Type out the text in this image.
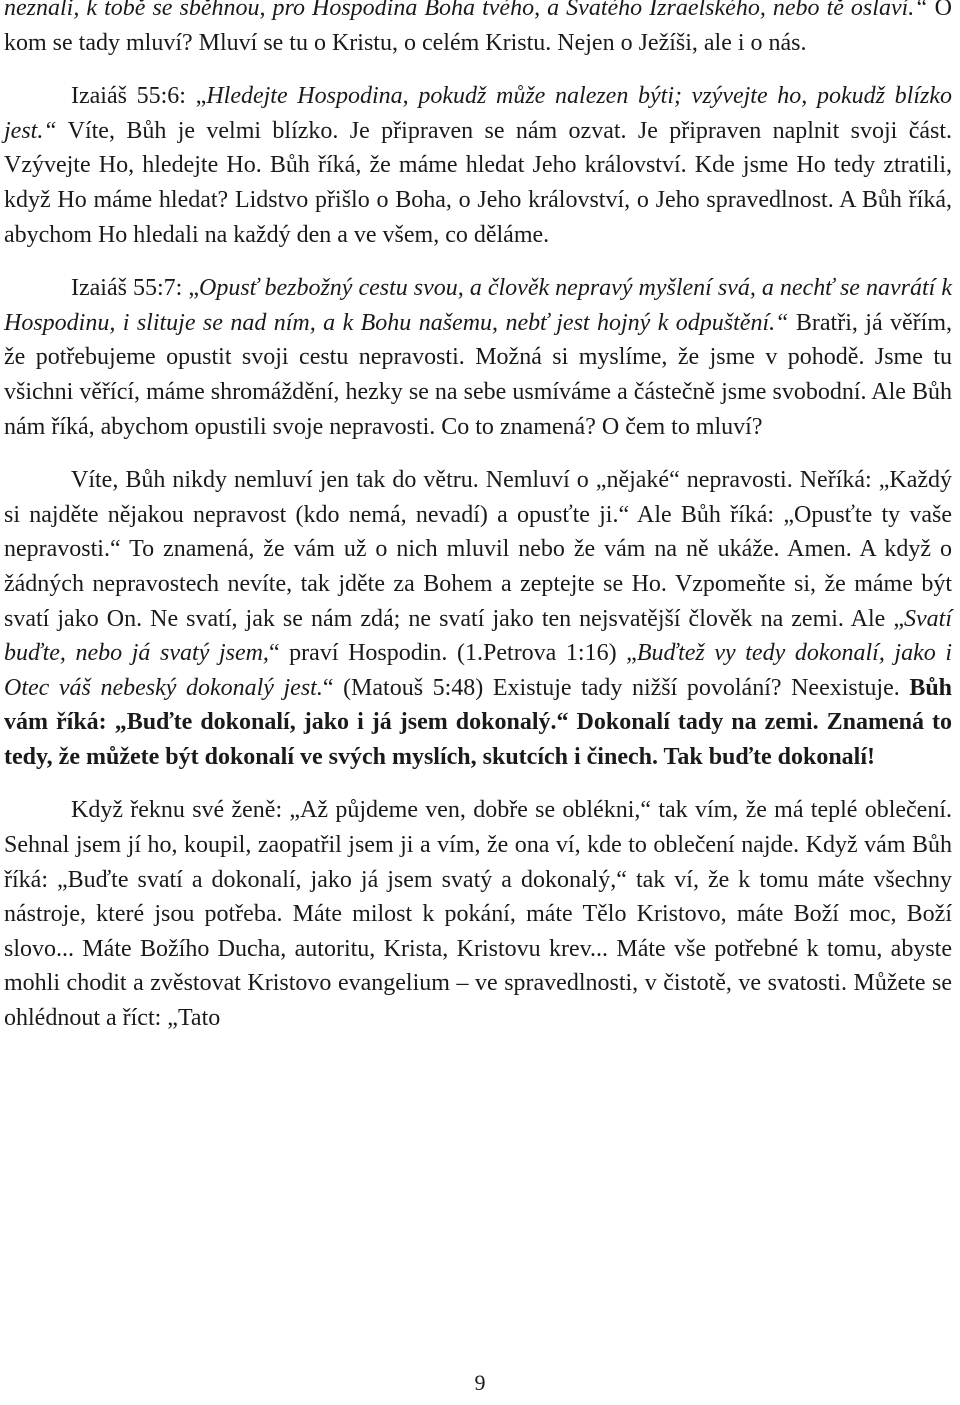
neznali, k tobě se sběhnou, pro Hospodina Boha tvého, a Svatého Izraelského, nebo tě oslaví.“ O kom se tady mluví? Mluví se tu o Kristu, o celém Kristu. Nejen o Ježíši, ale i o nás.

Izaiáš 55:6: „Hledejte Hospodina, pokudž může nalezen býti; vzývejte ho, pokudž blízko jest.“ Víte, Bůh je velmi blízko. Je připraven se nám ozvat. Je připraven naplnit svoji část. Vzývejte Ho, hledejte Ho. Bůh říká, že máme hledat Jeho království. Kde jsme Ho tedy ztratili, když Ho máme hledat? Lidstvo přišlo o Boha, o Jeho království, o Jeho spravedlnost. A Bůh říká, abychom Ho hledali na každý den a ve všem, co děláme.

Izaiáš 55:7: „Opusť bezbožný cestu svou, a člověk nepravý myšlení svá, a nechť se navrátí k Hospodinu, i slituje se nad ním, a k Bohu našemu, nebť jest hojný k odpuštění.“ Bratři, já věřím, že potřebujeme opustit svoji cestu nepravosti. Možná si myslíme, že jsme v pohodě. Jsme tu všichni věřící, máme shromáždění, hezky se na sebe usmíváme a částečně jsme svobodní. Ale Bůh nám říká, abychom opustili svoje nepravosti. Co to znamená? O čem to mluví?

Víte, Bůh nikdy nemluví jen tak do větru. Nemluví o „nějaké“ nepravosti. Neříká: „Každý si najděte nějakou nepravost (kdo nemá, nevadí) a opusťte ji.“ Ale Bůh říká: „Opusťte ty vaše nepravosti.“ To znamená, že vám už o nich mluvil nebo že vám na ně ukáže. Amen. A když o žádných nepravostech nevíte, tak jděte za Bohem a zeptejte se Ho. Vzpomeňte si, že máme být svatí jako On. Ne svatí, jak se nám zdá; ne svatí jako ten nejsvatější člověk na zemi. Ale „Svatí buďte, nebo já svatý jsem,“ praví Hospodin. (1.Petrova 1:16) „Buďtež vy tedy dokonalí, jako i Otec váš nebeský dokonalý jest.“ (Matouš 5:48) Existuje tady nižší povolání? Neexistuje. Bůh vám říká: „Buďte dokonalí, jako i já jsem dokonalý.“ Dokonalí tady na zemi. Znamená to tedy, že můžete být dokonalí ve svých myslích, skutcích i činech. Tak buďte dokonalí!

Když řeknu své ženě: „Až půjdeme ven, dobře se oblékni,“ tak vím, že má teplé oblečení. Sehnal jsem jí ho, koupil, zaopatřil jsem ji a vím, že ona ví, kde to oblečení najde. Když vám Bůh říká: „Buďte svatí a dokonalí, jako já jsem svatý a dokonalý,“ tak ví, že k tomu máte všechny nástroje, které jsou potřeba. Máte milost k pokání, máte Tělo Kristovo, máte Boží moc, Boží slovo... Máte Božího Ducha, autoritu, Krista, Kristovu krev... Máte vše potřebné k tomu, abyste mohli chodit a zvěstovat Kristovo evangelium – ve spravedlnosti, v čistotě, ve svatosti. Můžete se ohlédnout a říct: „Tato

9
